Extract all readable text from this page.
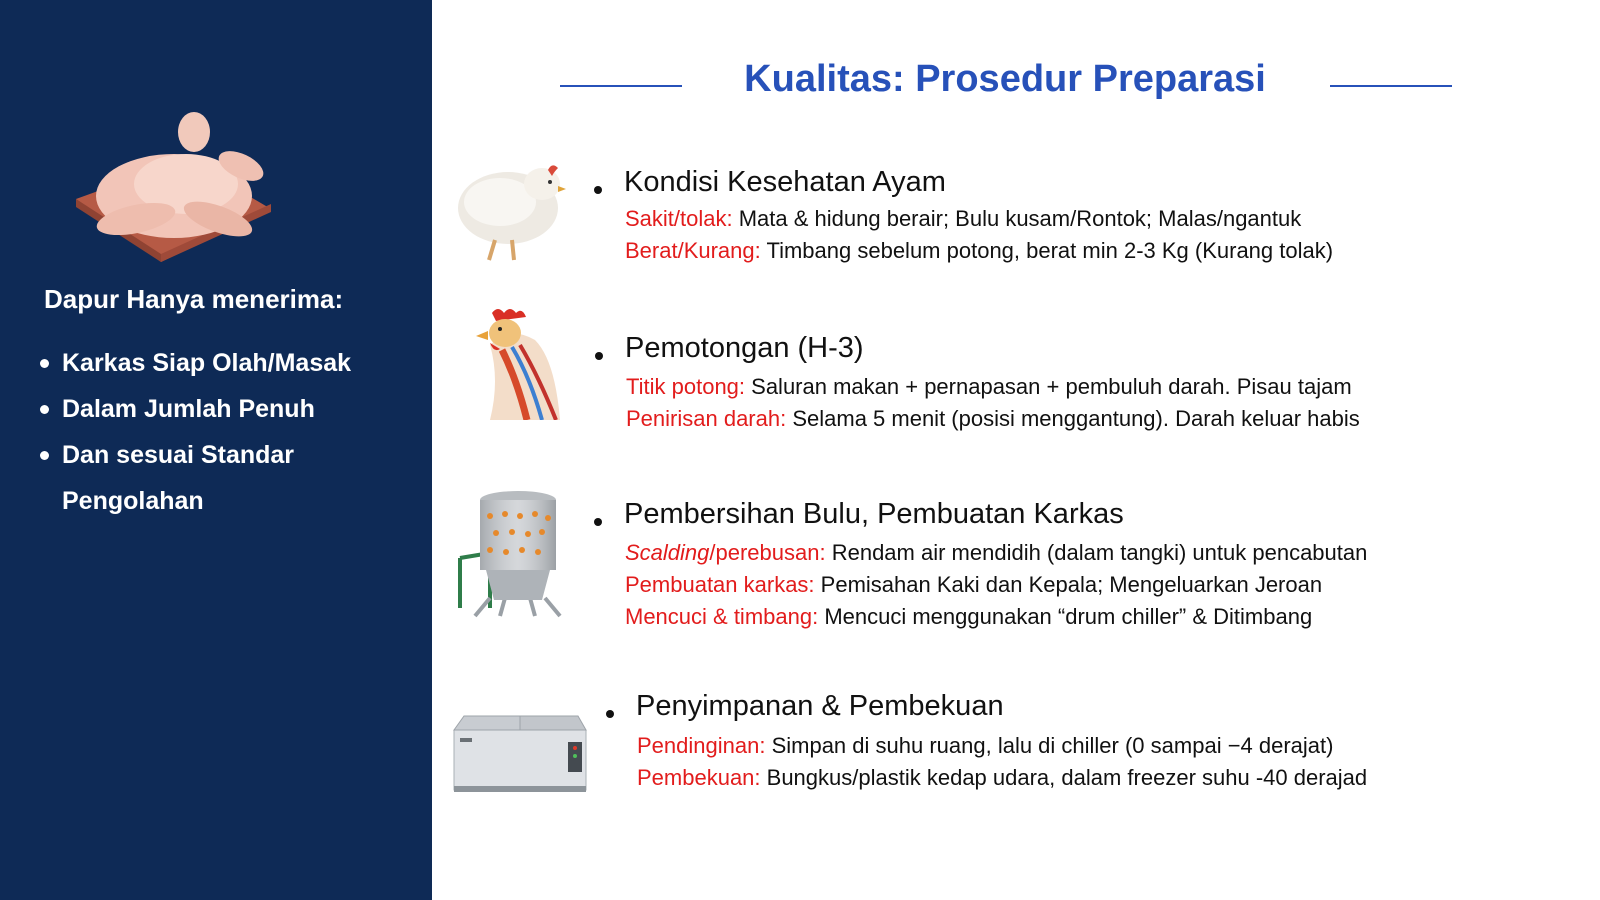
Dapur Hanya menerima:
Karkas Siap Olah/Masak
Dalam Jumlah Penuh
Dan sesuai Standar Pengolahan
Kualitas: Prosedur Preparasi
Kondisi Kesehatan Ayam
Sakit/tolak: Mata & hidung berair; Bulu kusam/Rontok; Malas/ngantuk
Berat/Kurang: Timbang sebelum potong, berat min 2-3 Kg (Kurang tolak)
Pemotongan (H-3)
Titik potong: Saluran makan + pernapasan + pembuluh darah. Pisau tajam
Penirisan darah: Selama 5 menit (posisi menggantung). Darah keluar habis
Pembersihan Bulu, Pembuatan Karkas
Scalding/perebusan: Rendam air mendidih (dalam tangki) untuk pencabutan
Pembuatan karkas: Pemisahan Kaki dan Kepala; Mengeluarkan Jeroan
Mencuci & timbang: Mencuci menggunakan “drum chiller” & Ditimbang
Penyimpanan & Pembekuan
Pendinginan: Simpan di suhu ruang, lalu di chiller (0 sampai −4 derajat)
Pembekuan: Bungkus/plastik kedap udara, dalam freezer suhu -40 derajad
